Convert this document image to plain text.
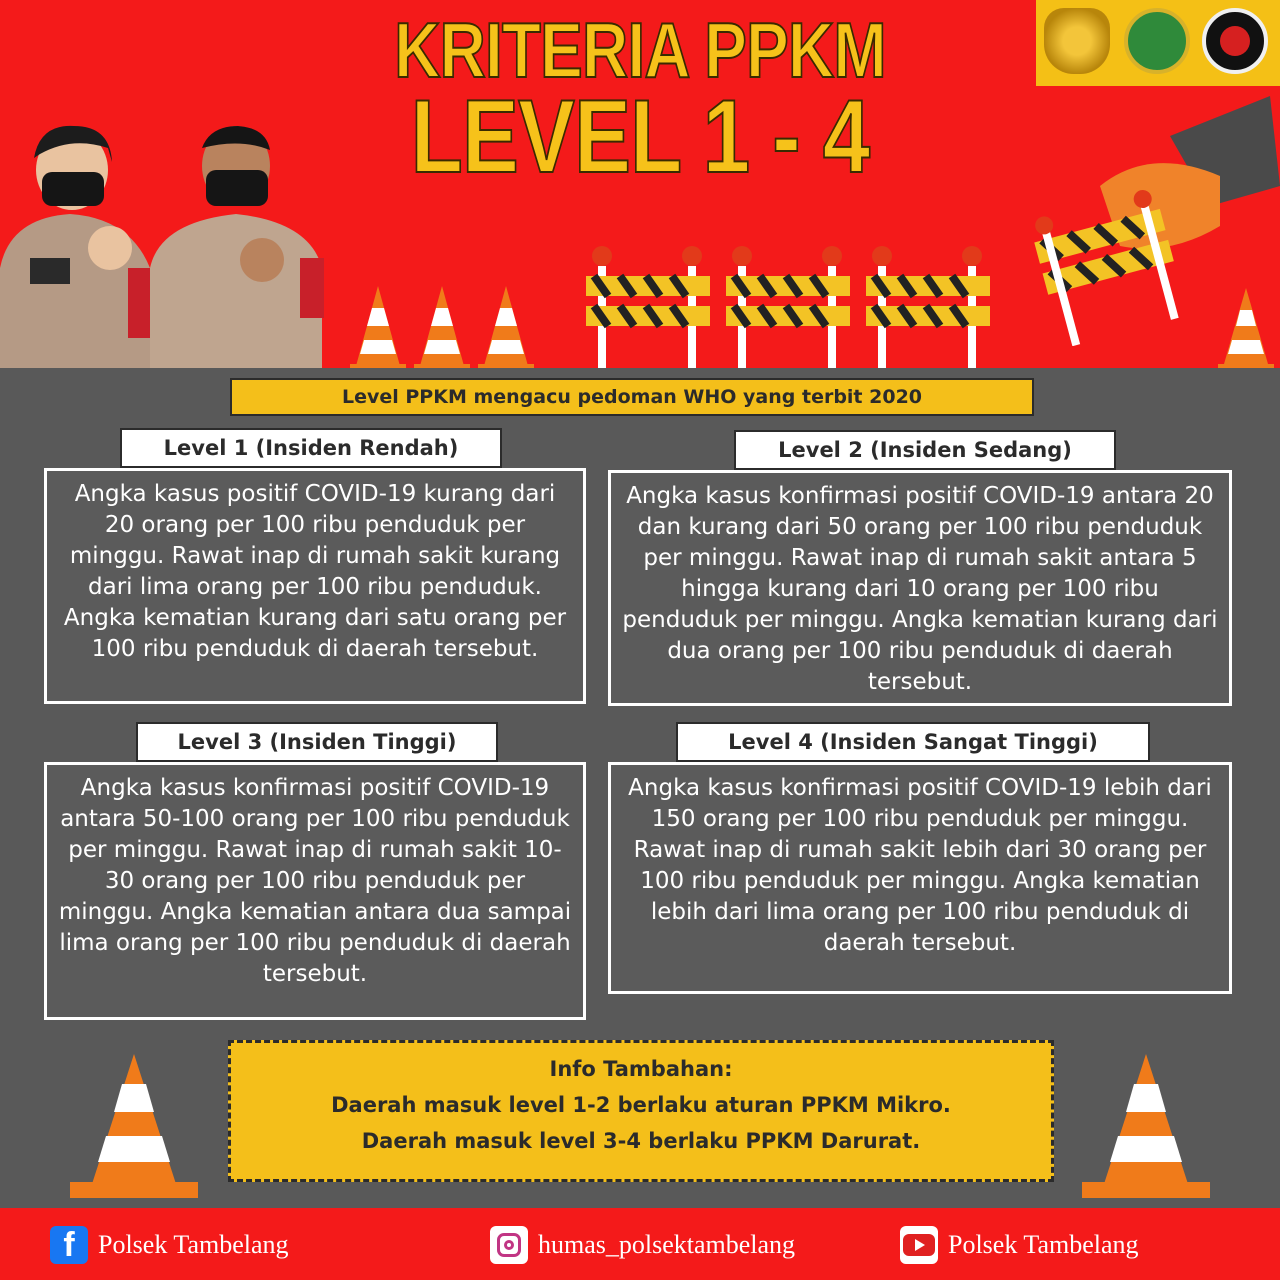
KRITERIA PPKM
LEVEL 1 - 4
Level PPKM mengacu pedoman WHO yang terbit 2020
Level 1 (Insiden Rendah)
Angka kasus positif COVID-19 kurang dari 20 orang per 100 ribu penduduk per minggu. Rawat inap di rumah sakit kurang dari lima orang per 100 ribu penduduk. Angka kematian kurang dari satu orang per 100 ribu penduduk di daerah tersebut.
Level 2 (Insiden Sedang)
Angka kasus konfirmasi positif COVID-19 antara 20 dan kurang dari 50 orang per 100 ribu penduduk per minggu. Rawat inap di rumah sakit antara 5 hingga kurang dari 10 orang per 100 ribu penduduk per minggu. Angka kematian kurang dari dua orang per 100 ribu penduduk di daerah tersebut.
Level 3 (Insiden Tinggi)
Angka kasus konfirmasi positif COVID-19 antara 50-100 orang per 100 ribu penduduk per minggu. Rawat inap di rumah sakit 10-30 orang per 100 ribu penduduk per minggu. Angka kematian antara dua sampai lima orang per 100 ribu penduduk di daerah tersebut.
Level 4 (Insiden Sangat Tinggi)
Angka kasus konfirmasi positif COVID-19 lebih dari 150 orang per 100 ribu penduduk per minggu. Rawat inap di rumah sakit lebih dari 30 orang per 100 ribu penduduk per minggu. Angka kematian lebih dari lima orang per 100 ribu penduduk di daerah tersebut.
Info Tambahan:
Daerah masuk level 1-2 berlaku aturan PPKM Mikro.
Daerah masuk level 3-4 berlaku PPKM Darurat.
f Polsek Tambelang	humas_polsektambelang	Polsek Tambelang
